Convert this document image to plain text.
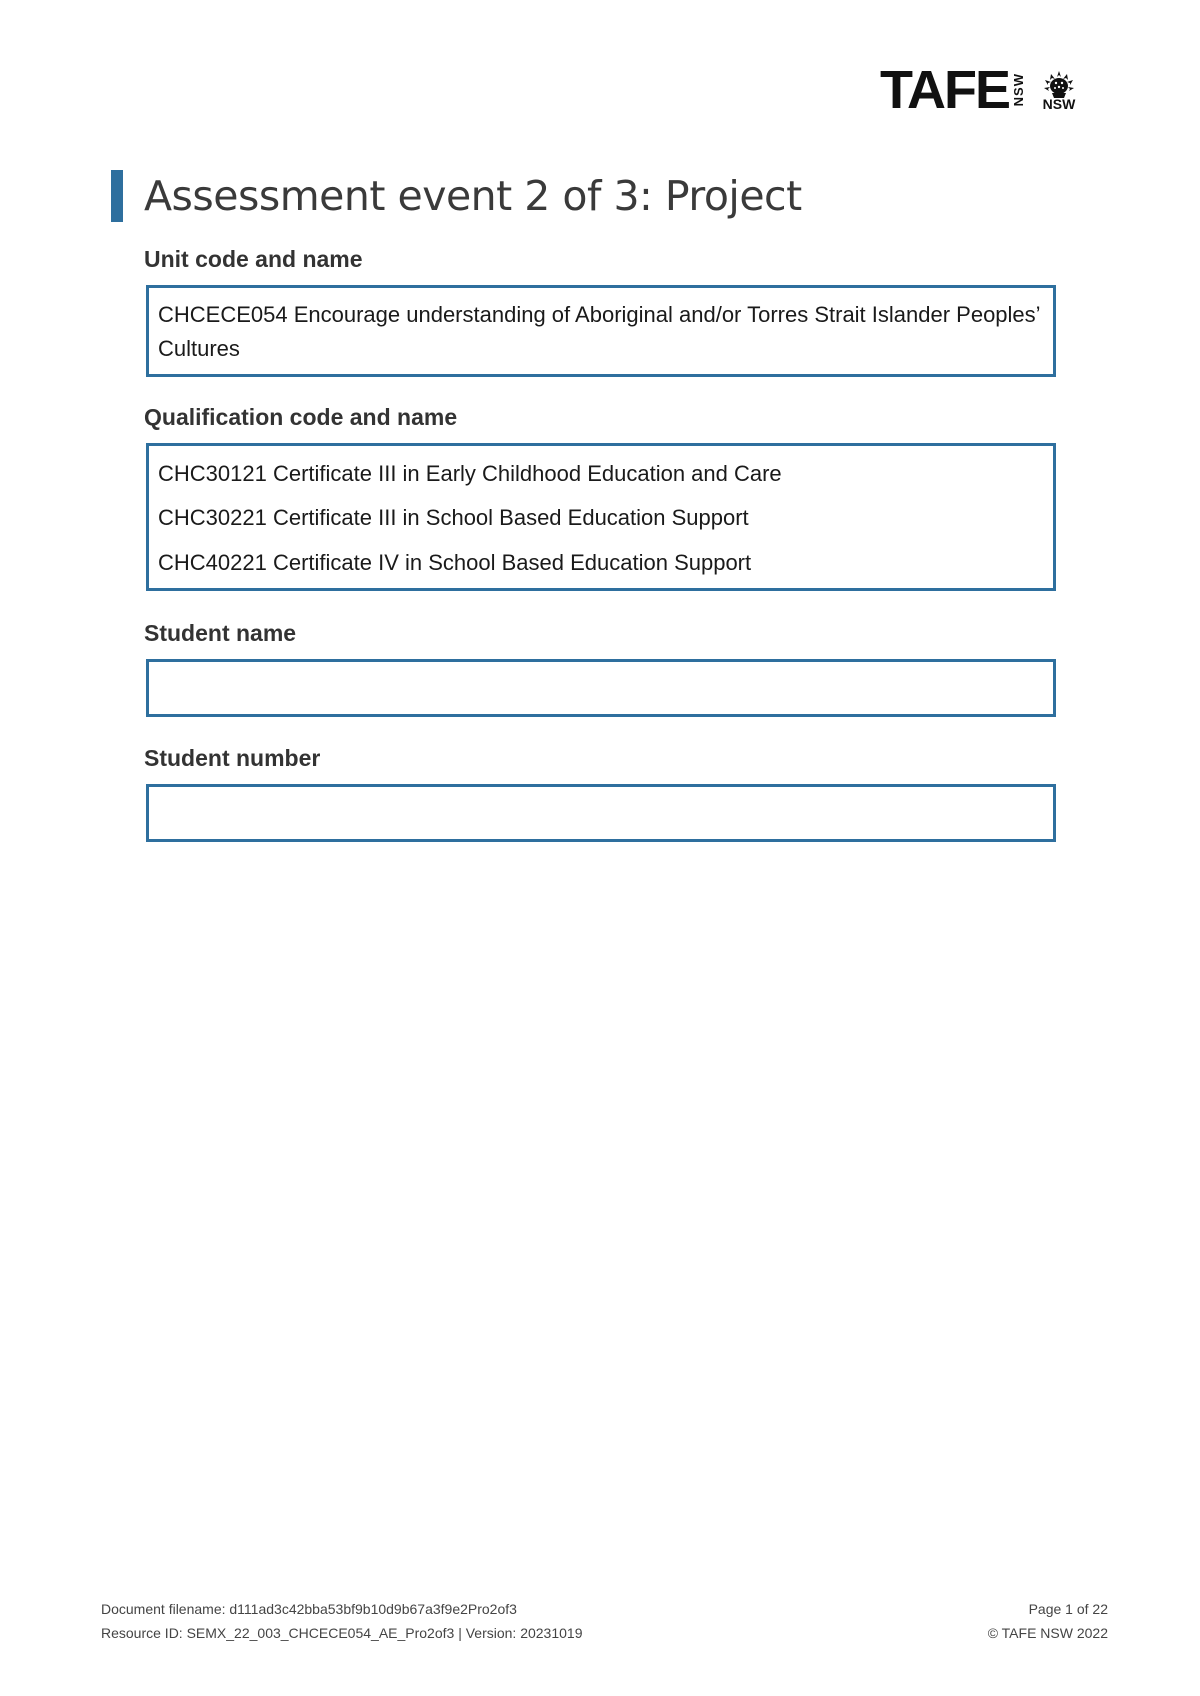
TAFE NSW NSW
Assessment event 2 of 3: Project

Unit code and name

CHCECE054 Encourage understanding of Aboriginal and/or Torres Strait Islander Peoples’
Cultures

Qualification code and name

CHC30121 Certificate III in Early Childhood Education and Care
CHC30221 Certificate III in School Based Education Support
CHC40221 Certificate IV in School Based Education Support

Student name

Student number

Document filename: d111ad3c42bba53bf9b10d9b67a3f9e2Pro2of3
Resource ID: SEMX_22_003_CHCECE054_AE_Pro2of3 | Version: 20231019
Page 1 of 22
© TAFE NSW 2022
